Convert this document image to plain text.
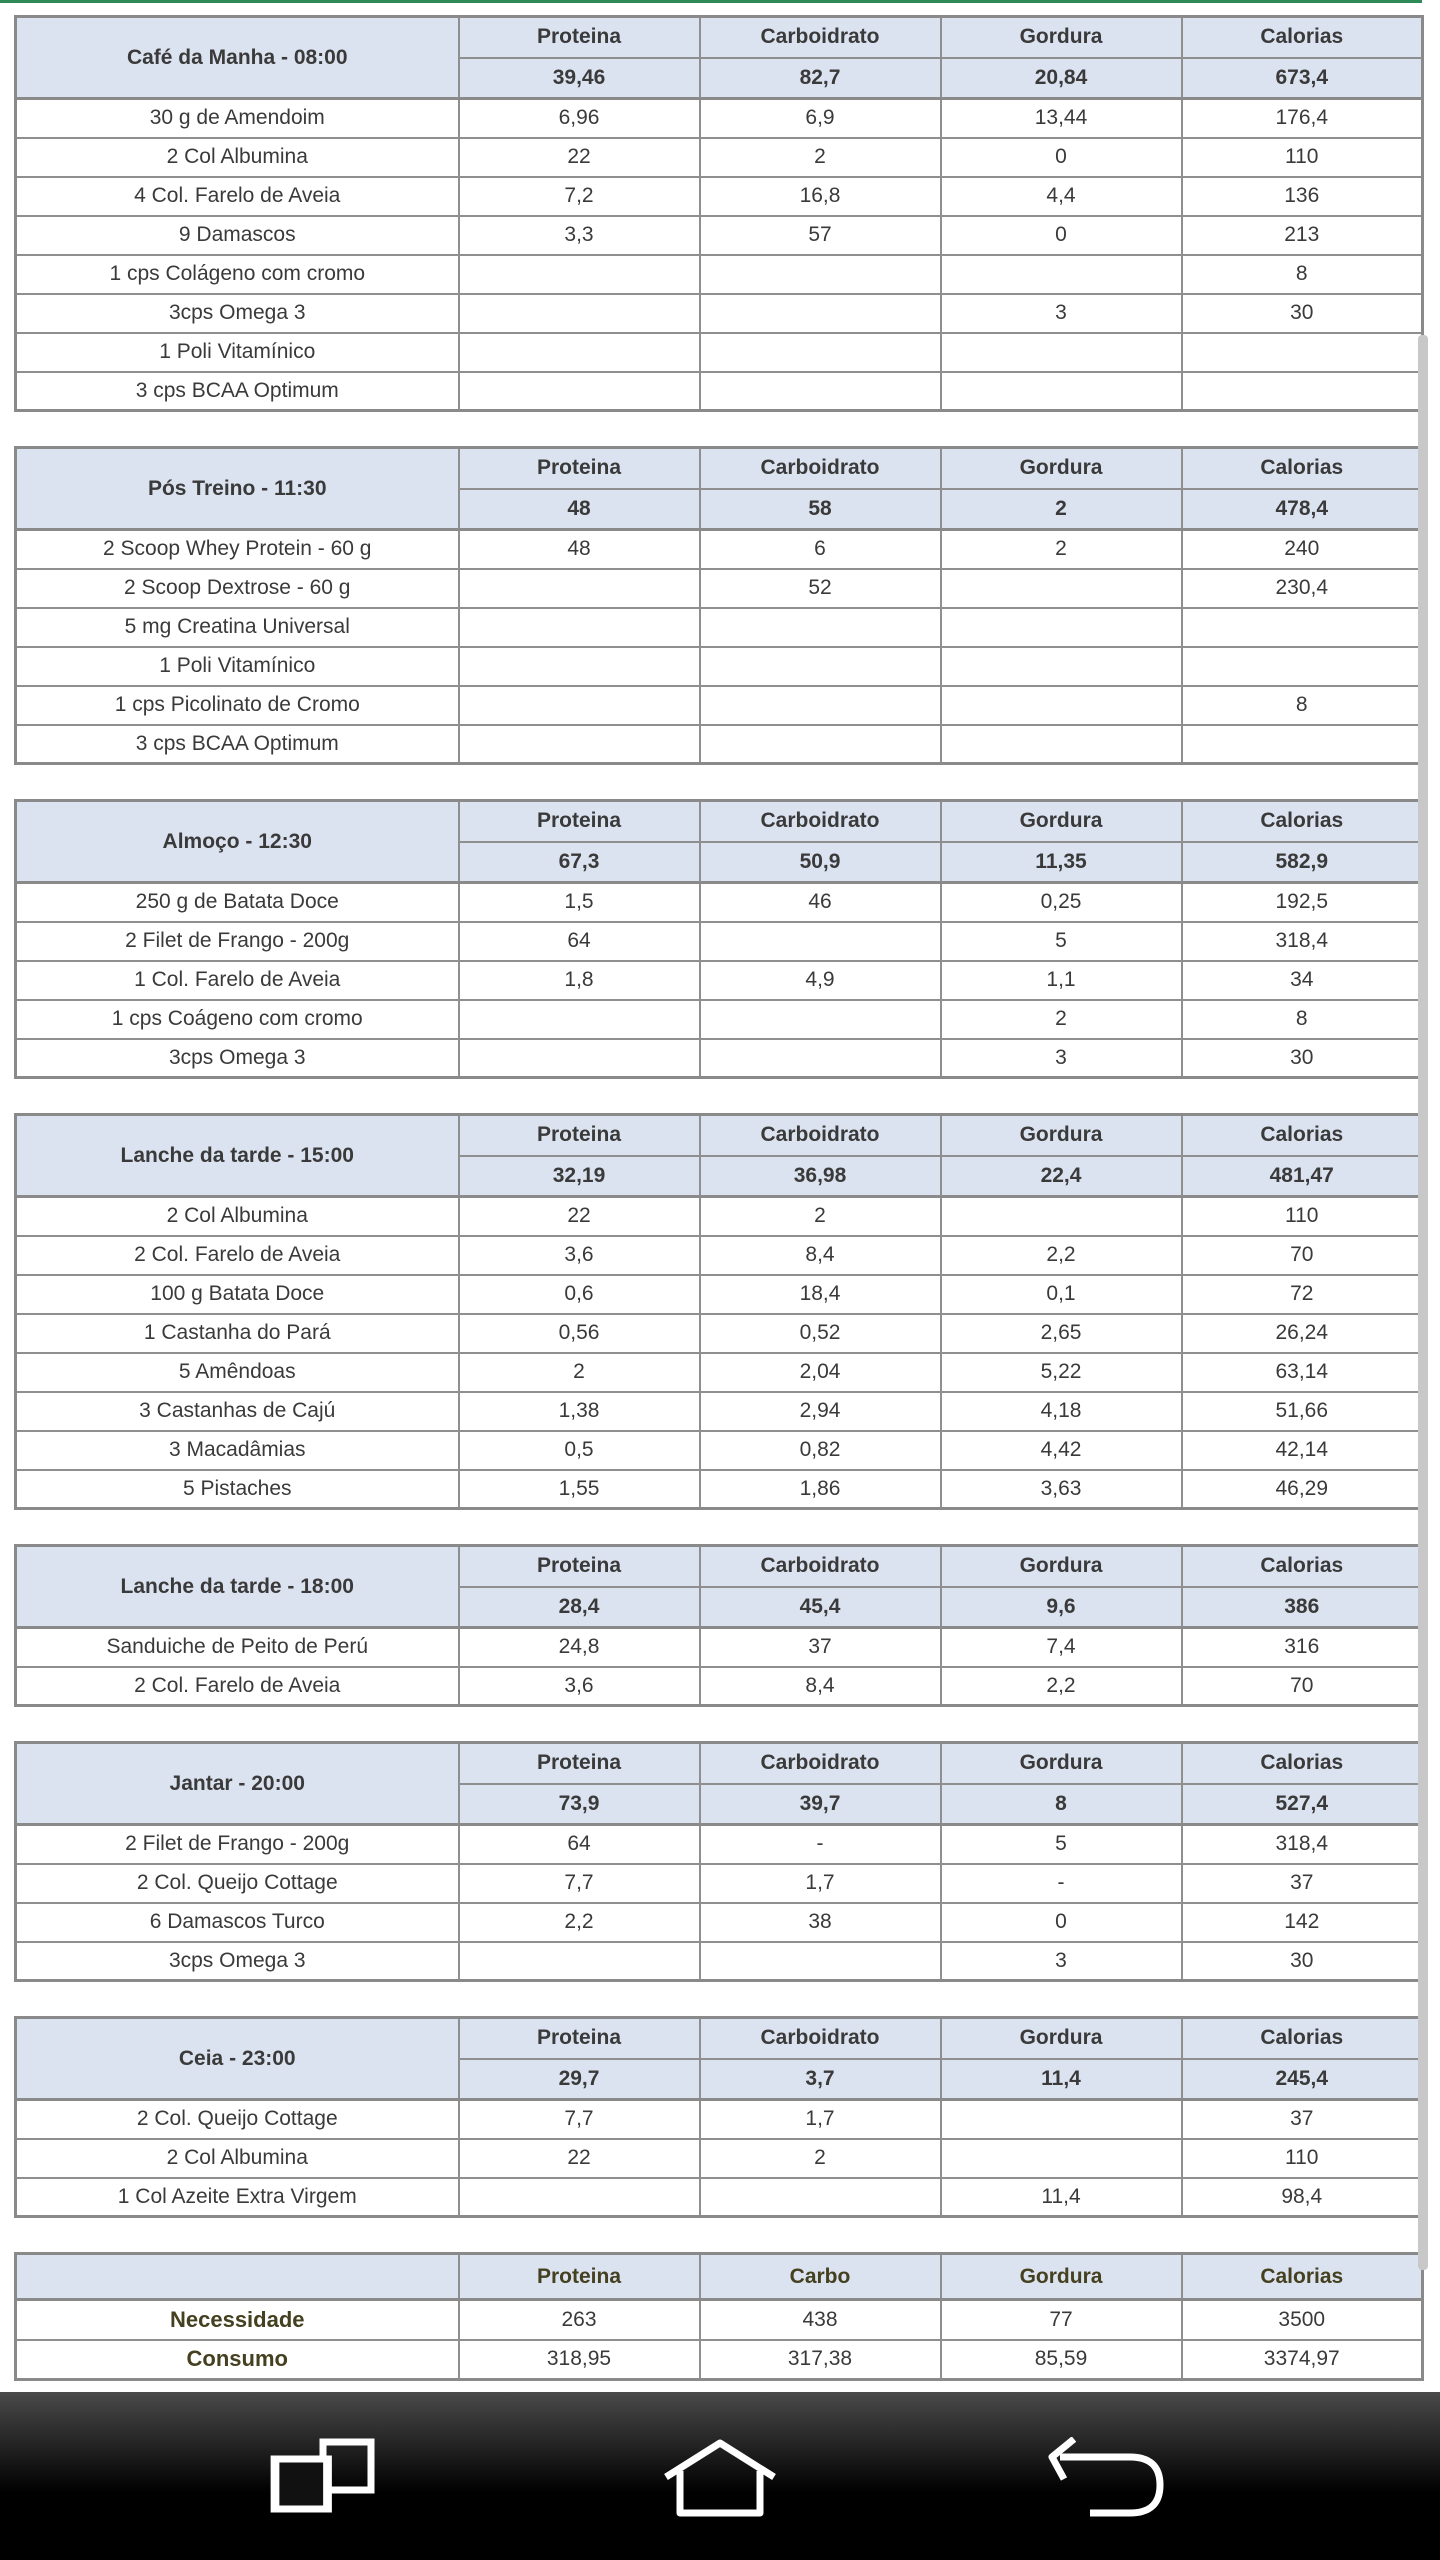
Café da Manha - 08:00	Proteina	Carboidrato	Gordura	Calorias
	39,46	82,7	20,84	673,4
30 g de Amendoim	6,96	6,9	13,44	176,4
2 Col Albumina	22	2	0	110
4 Col. Farelo de Aveia	7,2	16,8	4,4	136
9 Damascos	3,3	57	0	213
1 cps Colágeno com cromo				8
3cps Omega 3			3	30
1 Poli Vitamínico				
3 cps BCAA Optimum				
Pós Treino - 11:30	Proteina	Carboidrato	Gordura	Calorias
	48	58	2	478,4
2 Scoop Whey Protein - 60 g	48	6	2	240
2 Scoop Dextrose - 60 g		52		230,4
5 mg Creatina Universal				
1 Poli Vitamínico				
1 cps Picolinato de Cromo				8
3 cps BCAA Optimum				
Almoço - 12:30	Proteina	Carboidrato	Gordura	Calorias
	67,3	50,9	11,35	582,9
250 g de Batata Doce	1,5	46	0,25	192,5
2 Filet de Frango - 200g	64		5	318,4
1 Col. Farelo de Aveia	1,8	4,9	1,1	34
1 cps Coágeno com cromo			2	8
3cps Omega 3			3	30
Lanche da tarde - 15:00	Proteina	Carboidrato	Gordura	Calorias
	32,19	36,98	22,4	481,47
2 Col Albumina	22	2		110
2 Col. Farelo de Aveia	3,6	8,4	2,2	70
100 g Batata Doce	0,6	18,4	0,1	72
1 Castanha do Pará	0,56	0,52	2,65	26,24
5 Amêndoas	2	2,04	5,22	63,14
3 Castanhas de Cajú	1,38	2,94	4,18	51,66
3 Macadâmias	0,5	0,82	4,42	42,14
5 Pistaches	1,55	1,86	3,63	46,29
Lanche da tarde - 18:00	Proteina	Carboidrato	Gordura	Calorias
	28,4	45,4	9,6	386
Sanduiche de Peito de Perú	24,8	37	7,4	316
2 Col. Farelo de Aveia	3,6	8,4	2,2	70
Jantar - 20:00	Proteina	Carboidrato	Gordura	Calorias
	73,9	39,7	8	527,4
2 Filet de Frango - 200g	64	-	5	318,4
2 Col. Queijo Cottage	7,7	1,7	-	37
6 Damascos Turco	2,2	38	0	142
3cps Omega 3			3	30
Ceia - 23:00	Proteina	Carboidrato	Gordura	Calorias
	29,7	3,7	11,4	245,4
2 Col. Queijo Cottage	7,7	1,7		37
2 Col Albumina	22	2		110
1 Col Azeite Extra Virgem			11,4	98,4
	Proteina	Carbo	Gordura	Calorias
Necessidade	263	438	77	3500
Consumo	318,95	317,38	85,59	3374,97
